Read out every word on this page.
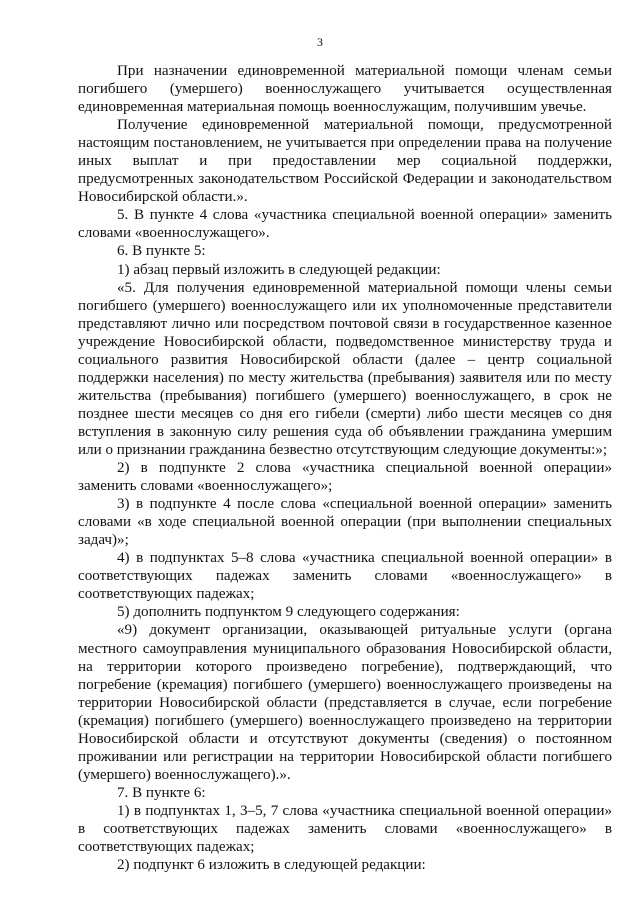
3

При назначении единовременной материальной помощи членам семьи погибшего (умершего) военнослужащего учитывается осуществленная единовременная материальная помощь военнослужащим, получившим увечье.

Получение единовременной материальной помощи, предусмотренной настоящим постановлением, не учитывается при определении права на получение иных выплат и при предоставлении мер социальной поддержки, предусмотренных законодательством Российской Федерации и законодательством Новосибирской области.».

5. В пункте 4 слова «участника специальной военной операции» заменить словами «военнослужащего».

6. В пункте 5:

1) абзац первый изложить в следующей редакции:

«5. Для получения единовременной материальной помощи члены семьи погибшего (умершего) военнослужащего или их уполномоченные представители представляют лично или посредством почтовой связи в государственное казенное учреждение Новосибирской области, подведомственное министерству труда и социального развития Новосибирской области (далее – центр социальной поддержки населения) по месту жительства (пребывания) заявителя или по месту жительства (пребывания) погибшего (умершего) военнослужащего, в срок не позднее шести месяцев со дня его гибели (смерти) либо шести месяцев со дня вступления в законную силу решения суда об объявлении гражданина умершим или о признании гражданина безвестно отсутствующим следующие документы:»;

2) в подпункте 2 слова «участника специальной военной операции» заменить словами «военнослужащего»;

3) в подпункте 4 после слова «специальной военной операции» заменить словами «в ходе специальной военной операции (при выполнении специальных задач)»;

4) в подпунктах 5–8 слова «участника специальной военной операции» в соответствующих падежах заменить словами «военнослужащего» в соответствующих падежах;

5) дополнить подпунктом 9 следующего содержания:

«9) документ организации, оказывающей ритуальные услуги (органа местного самоуправления муниципального образования Новосибирской области, на территории которого произведено погребение), подтверждающий, что погребение (кремация) погибшего (умершего) военнослужащего произведены на территории Новосибирской области (представляется в случае, если погребение (кремация) погибшего (умершего) военнослужащего произведено на территории Новосибирской области и отсутствуют документы (сведения) о постоянном проживании или регистрации на территории Новосибирской области погибшего (умершего) военнослужащего).».

7. В пункте 6:

1) в подпунктах 1, 3–5, 7 слова «участника специальной военной операции» в соответствующих падежах заменить словами «военнослужащего» в соответствующих падежах;

2) подпункт 6 изложить в следующей редакции:
